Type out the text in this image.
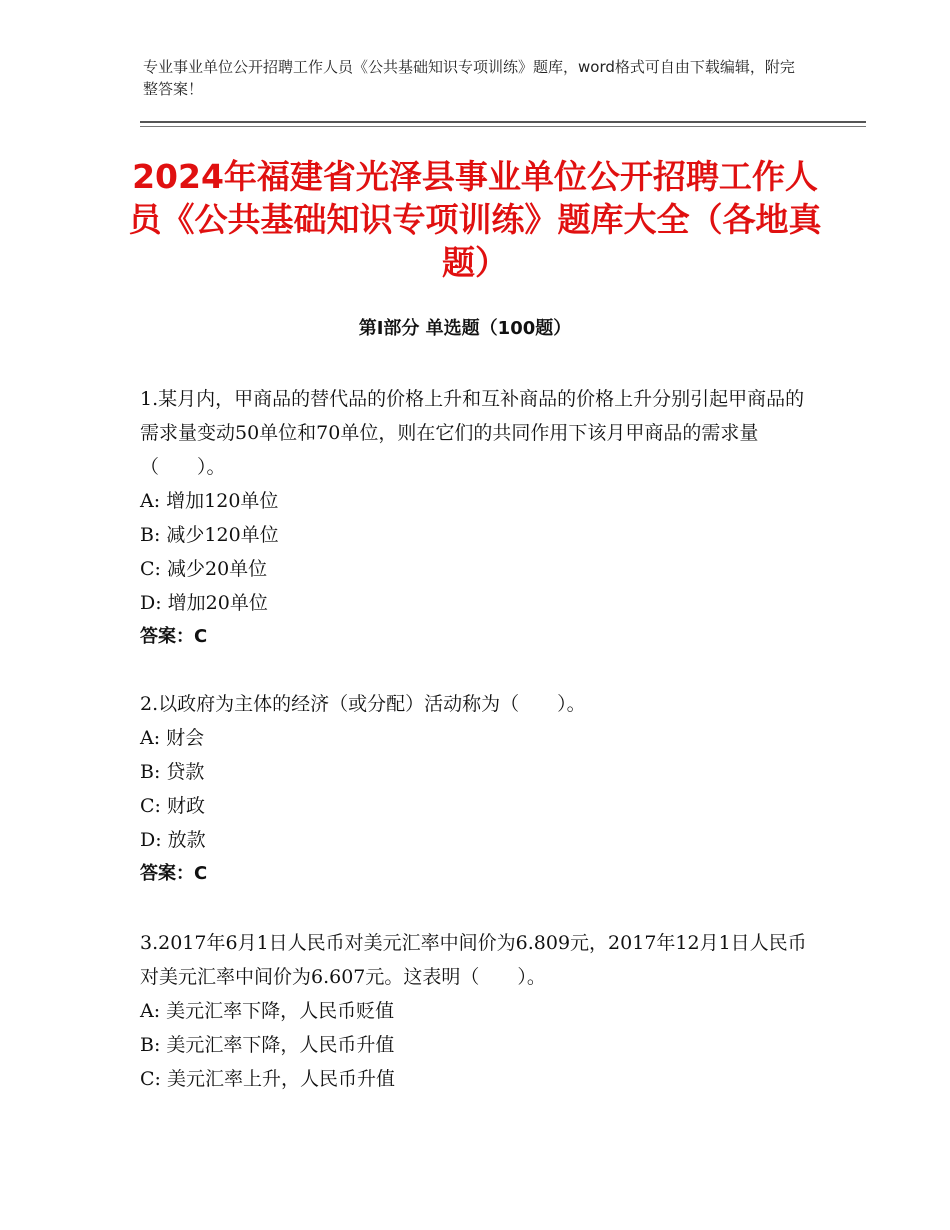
专业事业单位公开招聘工作人员《公共基础知识专项训练》题库，word格式可自由下载编辑，附完整答案！
2024年福建省光泽县事业单位公开招聘工作人员《公共基础知识专项训练》题库大全（各地真题）
第Ⅰ部分 单选题（100题）

1.某月内，甲商品的替代品的价格上升和互补商品的价格上升分别引起甲商品的需求量变动50单位和70单位，则在它们的共同作用下该月甲商品的需求量（　　）。

A: 增加120单位

B: 减少120单位

C: 减少20单位

D: 增加20单位

答案：C

2.以政府为主体的经济（或分配）活动称为（　　）。

A: 财会

B: 贷款

C: 财政

D: 放款

答案：C

3.2017年6月1日人民币对美元汇率中间价为6.809元，2017年12月1日人民币对美元汇率中间价为6.607元。这表明（　　）。

A: 美元汇率下降，人民币贬值

B: 美元汇率下降，人民币升值

C: 美元汇率上升，人民币升值
